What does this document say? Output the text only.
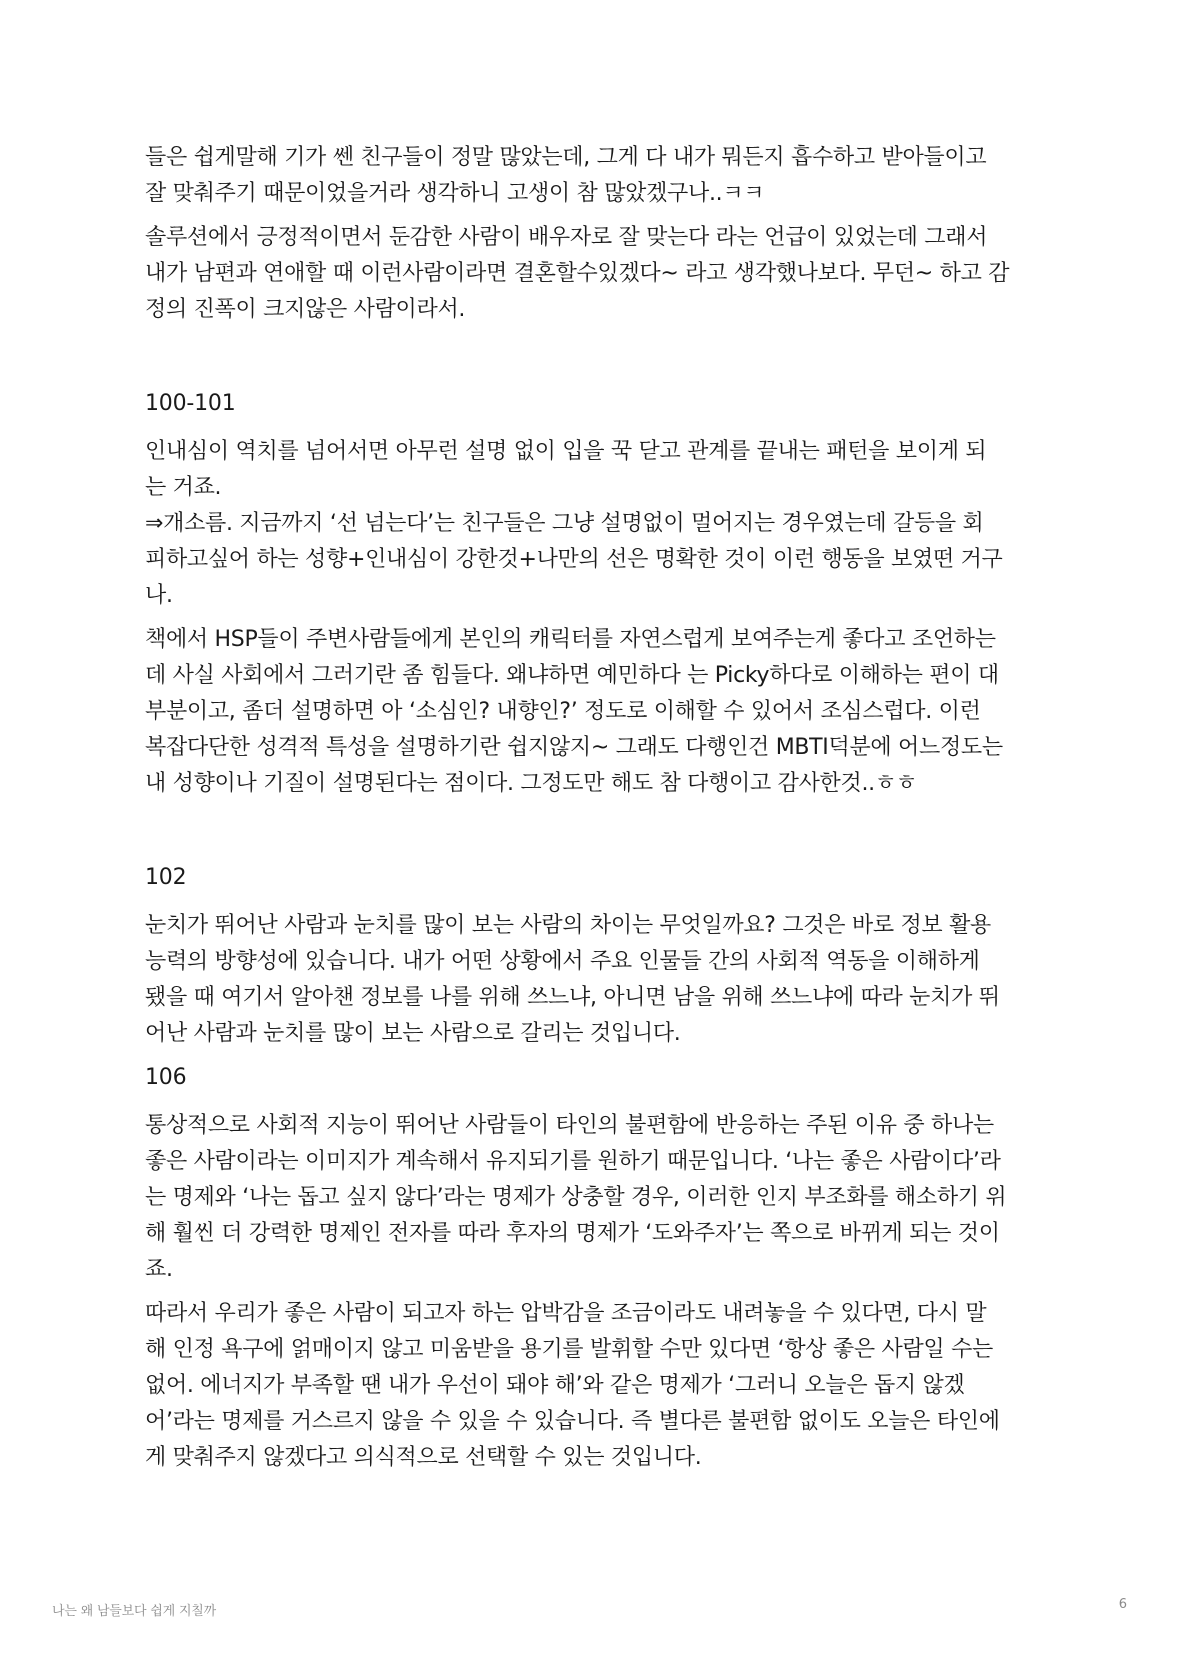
들은 쉽게말해 기가 쎈 친구들이 정말 많았는데, 그게 다 내가 뭐든지 흡수하고 받아들이고
잘 맞춰주기 때문이었을거라 생각하니 고생이 참 많았겠구나..ㅋㅋ

솔루션에서 긍정적이면서 둔감한 사람이 배우자로 잘 맞는다 라는 언급이 있었는데 그래서
내가 남편과 연애할 때 이런사람이라면 결혼할수있겠다~ 라고 생각했나보다. 무던~ 하고 감
정의 진폭이 크지않은 사람이라서.

100-101

인내심이 역치를 넘어서면 아무런 설명 없이 입을 꾹 닫고 관계를 끝내는 패턴을 보이게 되
는 거죠.
⇒개소름. 지금까지 ‘선 넘는다’는 친구들은 그냥 설명없이 멀어지는 경우였는데 갈등을 회
피하고싶어 하는 성향+인내심이 강한것+나만의 선은 명확한 것이 이런 행동을 보였떤 거구
나.

책에서 HSP들이 주변사람들에게 본인의 캐릭터를 자연스럽게 보여주는게 좋다고 조언하는
데 사실 사회에서 그러기란 좀 힘들다. 왜냐하면 예민하다 는 Picky하다로 이해하는 편이 대
부분이고, 좀더 설명하면 아 ‘소심인? 내향인?’ 정도로 이해할 수 있어서 조심스럽다. 이런
복잡다단한 성격적 특성을 설명하기란 쉽지않지~ 그래도 다행인건 MBTI덕분에 어느정도는
내 성향이나 기질이 설명된다는 점이다. 그정도만 해도 참 다행이고 감사한것..ㅎㅎ

102

눈치가 뛰어난 사람과 눈치를 많이 보는 사람의 차이는 무엇일까요? 그것은 바로 정보 활용
능력의 방향성에 있습니다. 내가 어떤 상황에서 주요 인물들 간의 사회적 역동을 이해하게
됐을 때 여기서 알아챈 정보를 나를 위해 쓰느냐, 아니면 남을 위해 쓰느냐에 따라 눈치가 뛰
어난 사람과 눈치를 많이 보는 사람으로 갈리는 것입니다.

106

통상적으로 사회적 지능이 뛰어난 사람들이 타인의 불편함에 반응하는 주된 이유 중 하나는
좋은 사람이라는 이미지가 계속해서 유지되기를 원하기 때문입니다. ‘나는 좋은 사람이다’라
는 명제와 ‘나는 돕고 싶지 않다’라는 명제가 상충할 경우, 이러한 인지 부조화를 해소하기 위
해 훨씬 더 강력한 명제인 전자를 따라 후자의 명제가 ‘도와주자’는 쪽으로 바뀌게 되는 것이
죠.

따라서 우리가 좋은 사람이 되고자 하는 압박감을 조금이라도 내려놓을 수 있다면, 다시 말
해 인정 욕구에 얽매이지 않고 미움받을 용기를 발휘할 수만 있다면 ‘항상 좋은 사람일 수는
없어. 에너지가 부족할 땐 내가 우선이 돼야 해’와 같은 명제가 ‘그러니 오늘은 돕지 않겠
어’라는 명제를 거스르지 않을 수 있을 수 있습니다. 즉 별다른 불편함 없이도 오늘은 타인에
게 맞춰주지 않겠다고 의식적으로 선택할 수 있는 것입니다.

나는 왜 남들보다 쉽게 지칠까	6
